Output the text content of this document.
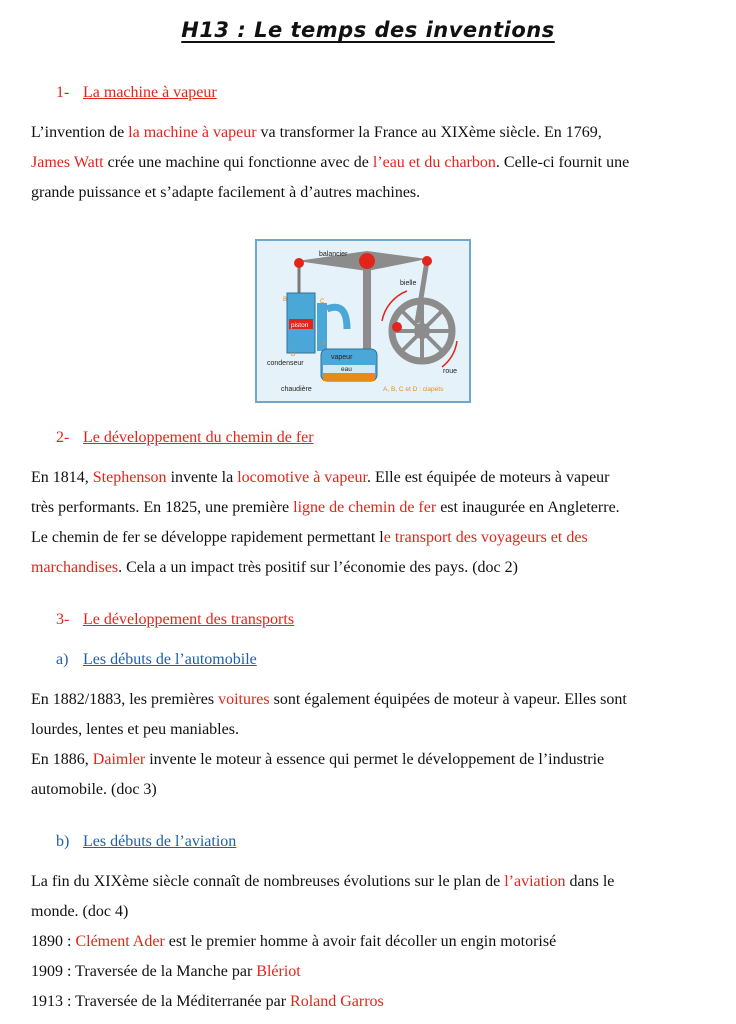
H13 : Le temps des inventions
1- La machine à vapeur
L’invention de la machine à vapeur va transformer la France au XIXème siècle. En 1769,
James Watt crée une machine qui fonctionne avec de l’eau et du charbon. Celle-ci fournit une
grande puissance et s’adapte facilement à d’autres machines.
balancier
bielle
roue
piston
B	C
A
D
condenseur
vapeur
eau
chaudière	A, B, C et D : clapets
2- Le développement du chemin de fer
En 1814, Stephenson invente la locomotive à vapeur. Elle est équipée de moteurs à vapeur
très performants. En 1825, une première ligne de chemin de fer est inaugurée en Angleterre.
Le chemin de fer se développe rapidement permettant le transport des voyageurs et des
marchandises. Cela a un impact très positif sur l’économie des pays. (doc 2)
3- Le développement des transports
a) Les débuts de l’automobile
En 1882/1883, les premières voitures sont également équipées de moteur à vapeur. Elles sont
lourdes, lentes et peu maniables.
En 1886, Daimler invente le moteur à essence qui permet le développement de l’industrie
automobile. (doc 3)
b) Les débuts de l’aviation
La fin du XIXème siècle connaît de nombreuses évolutions sur le plan de l’aviation dans le
monde. (doc 4)
1890 : Clément Ader est le premier homme à avoir fait décoller un engin motorisé
1909 : Traversée de la Manche par Blériot
1913 : Traversée de la Méditerranée par Roland Garros
